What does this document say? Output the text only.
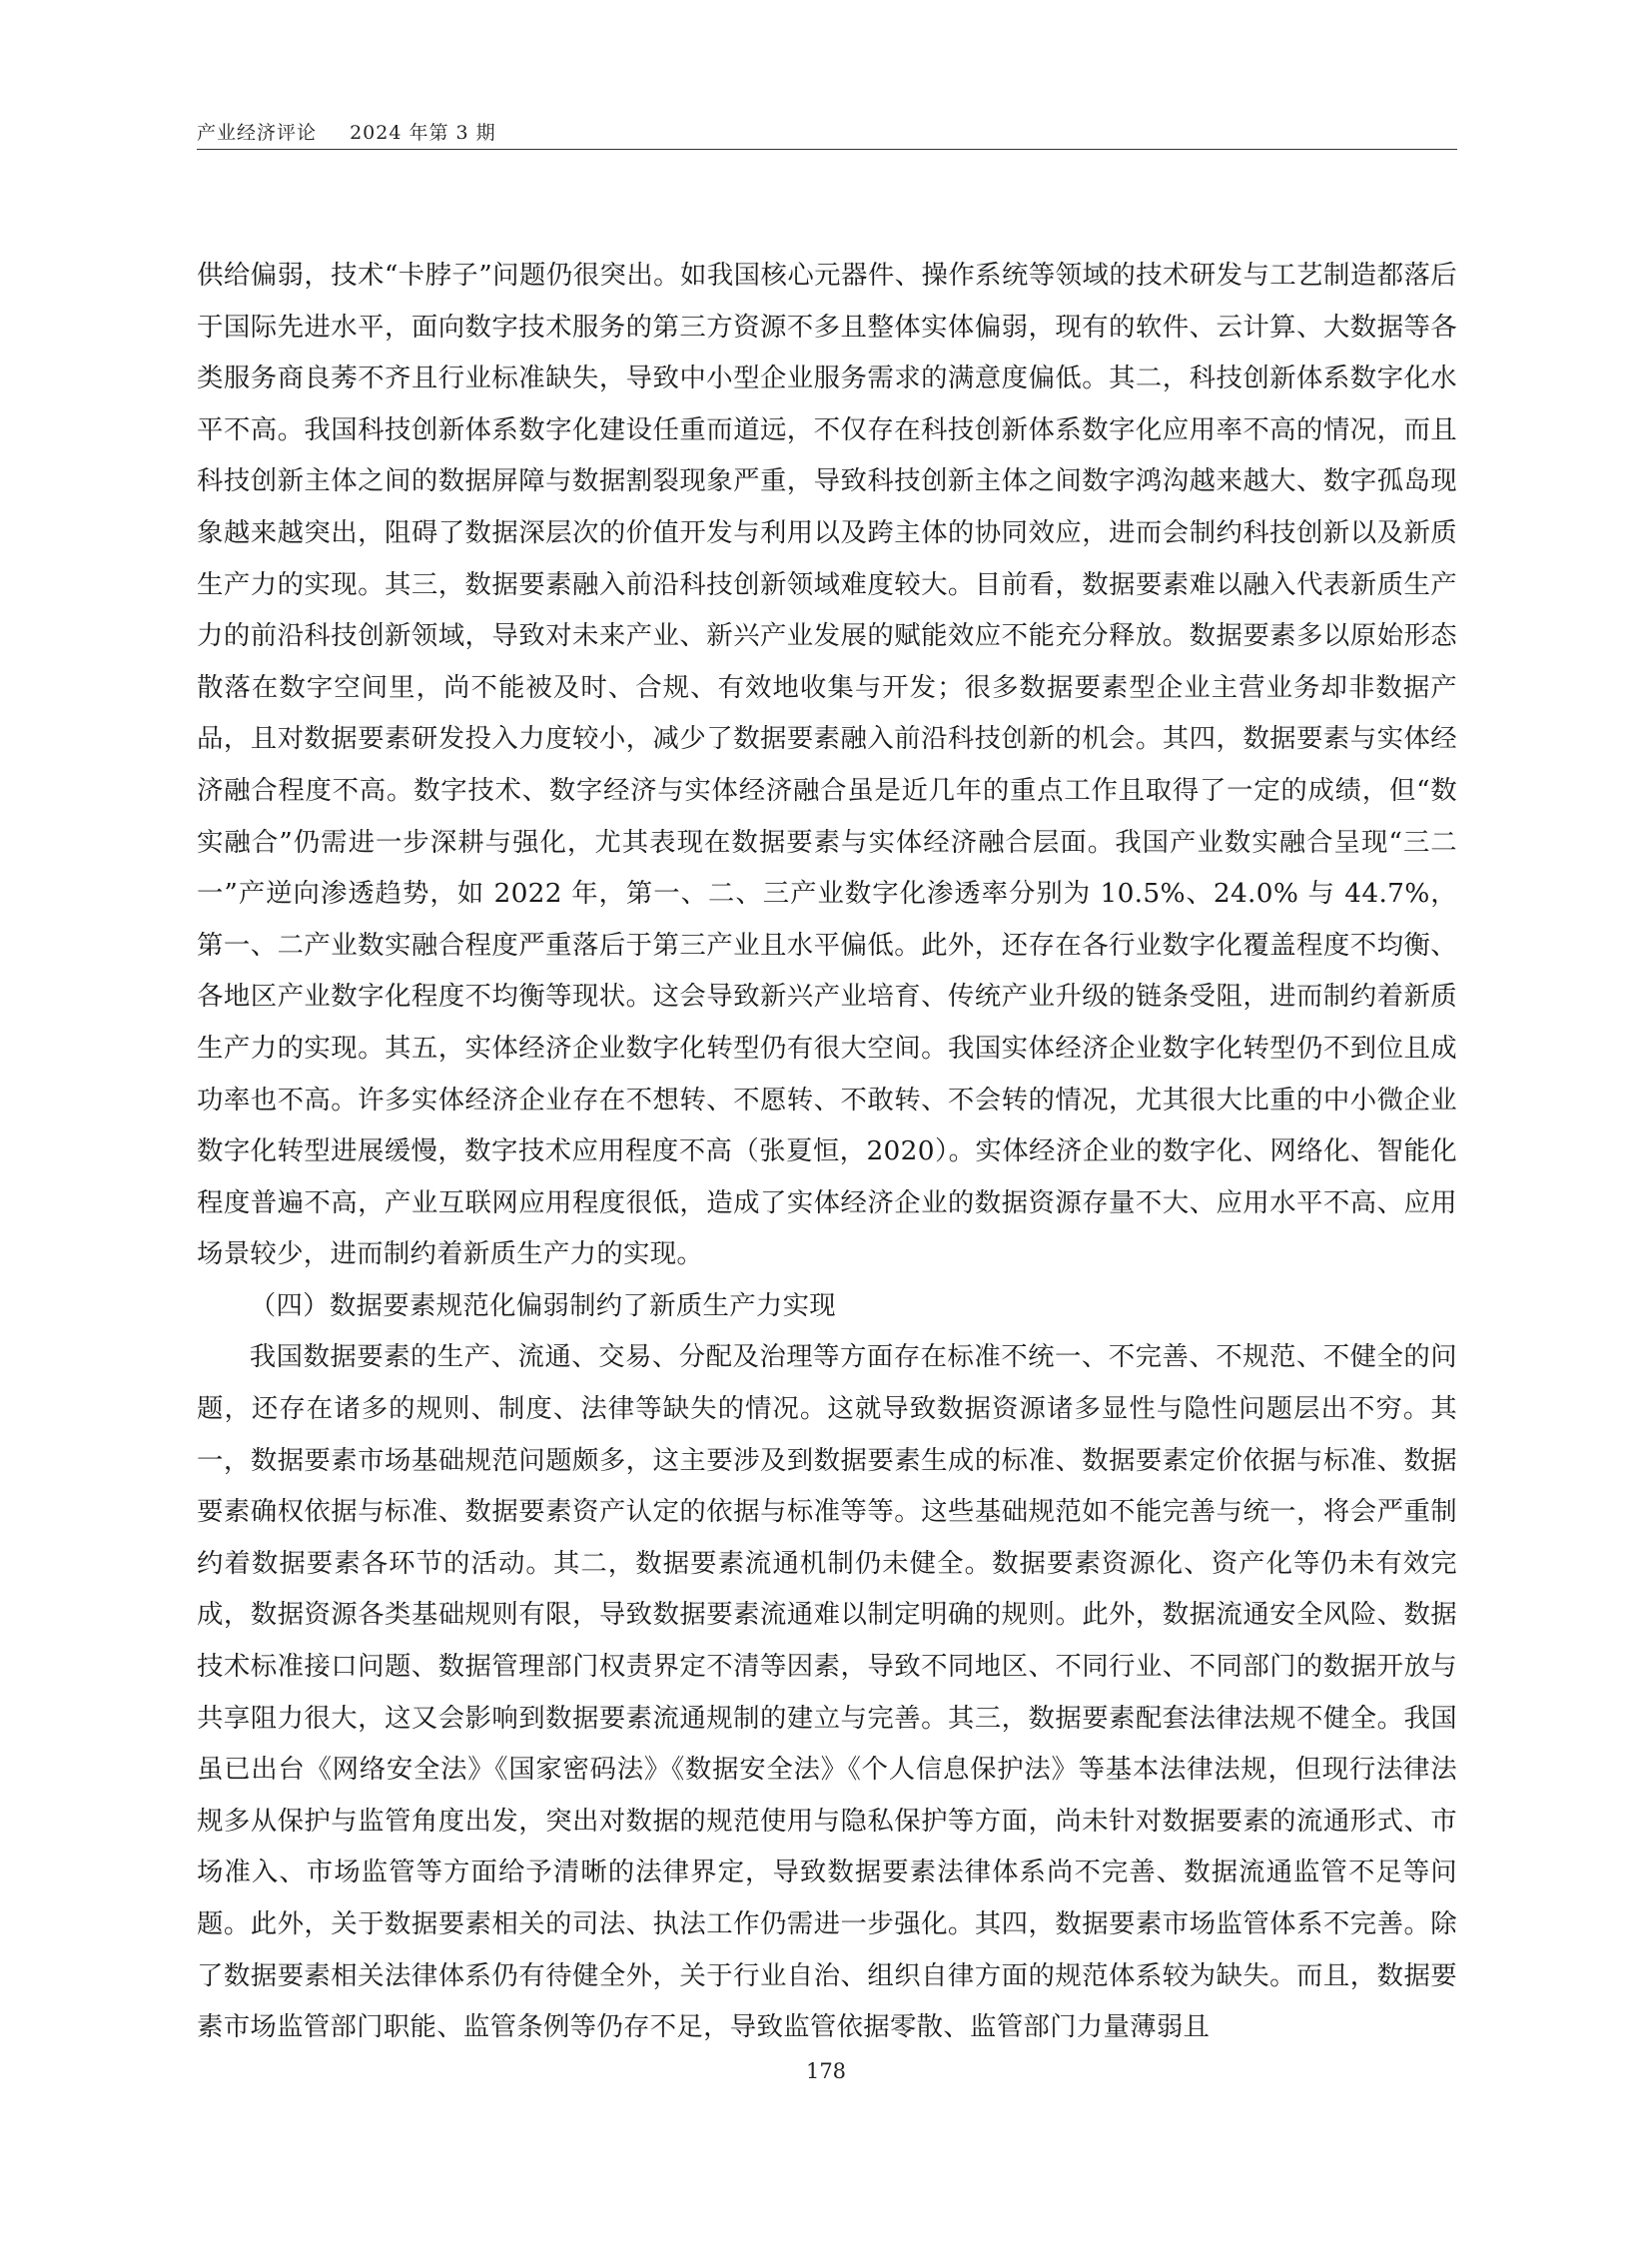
产业经济评论 2024 年第 3 期

供给偏弱，技术“卡脖子”问题仍很突出。如我国核心元器件、操作系统等领域的技术研发与工艺制造都落后于国际先进水平，面向数字技术服务的第三方资源不多且整体实体偏弱，现有的软件、云计算、大数据等各类服务商良莠不齐且行业标准缺失，导致中小型企业服务需求的满意度偏低。其二，科技创新体系数字化水平不高。我国科技创新体系数字化建设任重而道远，不仅存在科技创新体系数字化应用率不高的情况，而且科技创新主体之间的数据屏障与数据割裂现象严重，导致科技创新主体之间数字鸿沟越来越大、数字孤岛现象越来越突出，阻碍了数据深层次的价值开发与利用以及跨主体的协同效应，进而会制约科技创新以及新质生产力的实现。其三，数据要素融入前沿科技创新领域难度较大。目前看，数据要素难以融入代表新质生产力的前沿科技创新领域，导致对未来产业、新兴产业发展的赋能效应不能充分释放。数据要素多以原始形态散落在数字空间里，尚不能被及时、合规、有效地收集与开发；很多数据要素型企业主营业务却非数据产品，且对数据要素研发投入力度较小，减少了数据要素融入前沿科技创新的机会。其四，数据要素与实体经济融合程度不高。数字技术、数字经济与实体经济融合虽是近几年的重点工作且取得了一定的成绩，但“数实融合”仍需进一步深耕与强化，尤其表现在数据要素与实体经济融合层面。我国产业数实融合呈现“三二一”产逆向渗透趋势，如 2022 年，第一、二、三产业数字化渗透率分别为 10.5%、24.0% 与 44.7%，第一、二产业数实融合程度严重落后于第三产业且水平偏低。此外，还存在各行业数字化覆盖程度不均衡、各地区产业数字化程度不均衡等现状。这会导致新兴产业培育、传统产业升级的链条受阻，进而制约着新质生产力的实现。其五，实体经济企业数字化转型仍有很大空间。我国实体经济企业数字化转型仍不到位且成功率也不高。许多实体经济企业存在不想转、不愿转、不敢转、不会转的情况，尤其很大比重的中小微企业数字化转型进展缓慢，数字技术应用程度不高（张夏恒，2020）。实体经济企业的数字化、网络化、智能化程度普遍不高，产业互联网应用程度很低，造成了实体经济企业的数据资源存量不大、应用水平不高、应用场景较少，进而制约着新质生产力的实现。

（四）数据要素规范化偏弱制约了新质生产力实现

我国数据要素的生产、流通、交易、分配及治理等方面存在标准不统一、不完善、不规范、不健全的问题，还存在诸多的规则、制度、法律等缺失的情况。这就导致数据资源诸多显性与隐性问题层出不穷。其一，数据要素市场基础规范问题颇多，这主要涉及到数据要素生成的标准、数据要素定价依据与标准、数据要素确权依据与标准、数据要素资产认定的依据与标准等等。这些基础规范如不能完善与统一，将会严重制约着数据要素各环节的活动。其二，数据要素流通机制仍未健全。数据要素资源化、资产化等仍未有效完成，数据资源各类基础规则有限，导致数据要素流通难以制定明确的规则。此外，数据流通安全风险、数据技术标准接口问题、数据管理部门权责界定不清等因素，导致不同地区、不同行业、不同部门的数据开放与共享阻力很大，这又会影响到数据要素流通规制的建立与完善。其三，数据要素配套法律法规不健全。我国虽已出台《网络安全法》《国家密码法》《数据安全法》《个人信息保护法》等基本法律法规，但现行法律法规多从保护与监管角度出发，突出对数据的规范使用与隐私保护等方面，尚未针对数据要素的流通形式、市场准入、市场监管等方面给予清晰的法律界定，导致数据要素法律体系尚不完善、数据流通监管不足等问题。此外，关于数据要素相关的司法、执法工作仍需进一步强化。其四，数据要素市场监管体系不完善。除了数据要素相关法律体系仍有待健全外，关于行业自治、组织自律方面的规范体系较为缺失。而且，数据要素市场监管部门职能、监管条例等仍存不足，导致监管依据零散、监管部门力量薄弱且

178
